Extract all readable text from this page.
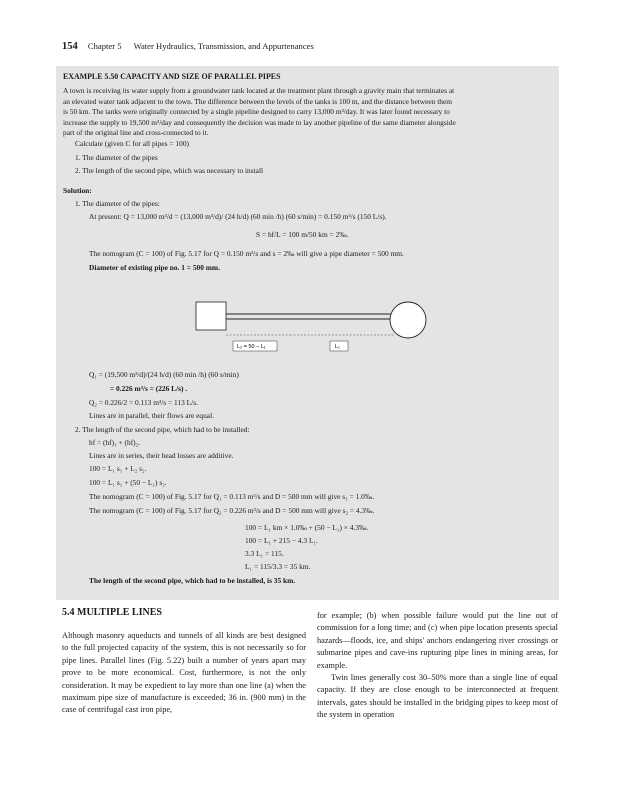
154 Chapter 5 Water Hydraulics, Transmission, and Appurtenances
EXAMPLE 5.50 CAPACITY AND SIZE OF PARALLEL PIPES
A town is receiving its water supply from a groundwater tank located at the treatment plant through a gravity main that terminates at
an elevated water tank adjacent to the town. The difference between the levels of the tanks is 100 m, and the distance between them
is 50 km. The tanks were originally connected by a single pipeline designed to carry 13,000 m³/day. It was later found necessary to
increase the supply to 19,500 m³/day and consequently the decision was made to lay another pipeline of the same diameter alongside
part of the original line and cross-connected to it.
Calculate (given C for all pipes = 100)
1. The diameter of the pipes
2. The length of the second pipe, which was necessary to install
Solution:
1. The diameter of the pipes:
At present: Q = 13,000 m³/d = (13,000 m³/d)/ (24 h/d) (60 min /h) (60 s/min) = 0.150 m³/s (150 L/s).
S = hf/L = 100 m/50 km = 2‰.
The nomogram (C = 100) of Fig. 5.17 for Q = 0.150 m³/s and s = 2‰ will give a pipe diameter = 500 mm.
Diameter of existing pipe no. 1 = 500 mm.
L₂ = 50 − L₁	L₁
Q₁ = (19,500 m³/d)/(24 h/d) (60 min /h) (60 s/min)
= 0.226 m³/s = (226 L/s) .
Q₂ = 0.226/2 = 0.113 m³/s = 113 L/s.
Lines are in parallel, their flows are equal.
2. The length of the second pipe, which had to be installed:
hf = (hf)₁ + (hf)₂.
Lines are in series, their head losses are additive.
100 = L₁ s₁ + L₂ s₂.
100 = L₁ s₁ + (50 − L₁) s₂.
The nomogram (C = 100) of Fig. 5.17 for Q₁ = 0.113 m³/s and D = 500 mm will give s₁ = 1.0‰.
The nomogram (C = 100) of Fig. 5.17 for Q₂ = 0.226 m³/s and D = 500 mm will give s₂ = 4.3‰.
100 = L₁ km × 1.0‰ + (50 − L₁) × 4.3‰.
100 = L₁ + 215 − 4.3 L₁.
3.3 L₁ = 115.
L₁ = 115/3.3 = 35 km.
The length of the second pipe, which had to be installed, is 35 km.
5.4 MULTIPLE LINES

Although masonry aqueducts and tunnels of all kinds are best designed to the full projected capacity of the system, this is not necessarily so for pipe lines. Parallel lines (Fig. 5.22) built a number of years apart may prove to be more economical. Cost, furthermore, is not the only consideration. It may be expedient to lay more than one line (a) when the maximum pipe size of manufacture is exceeded; 36 in. (900 mm) in the case of centrifugal cast iron pipe,

for example; (b) when possible failure would put the line out of commission for a long time; and (c) when pipe location presents special hazards—floods, ice, and ships' anchors endangering river crossings or submarine pipes and cave-ins rupturing pipe lines in mining areas, for example.

Twin lines generally cost 30–50% more than a single line of equal capacity. If they are close enough to be interconnected at frequent intervals, gates should be installed in the bridging pipes to keep most of the system in operation
